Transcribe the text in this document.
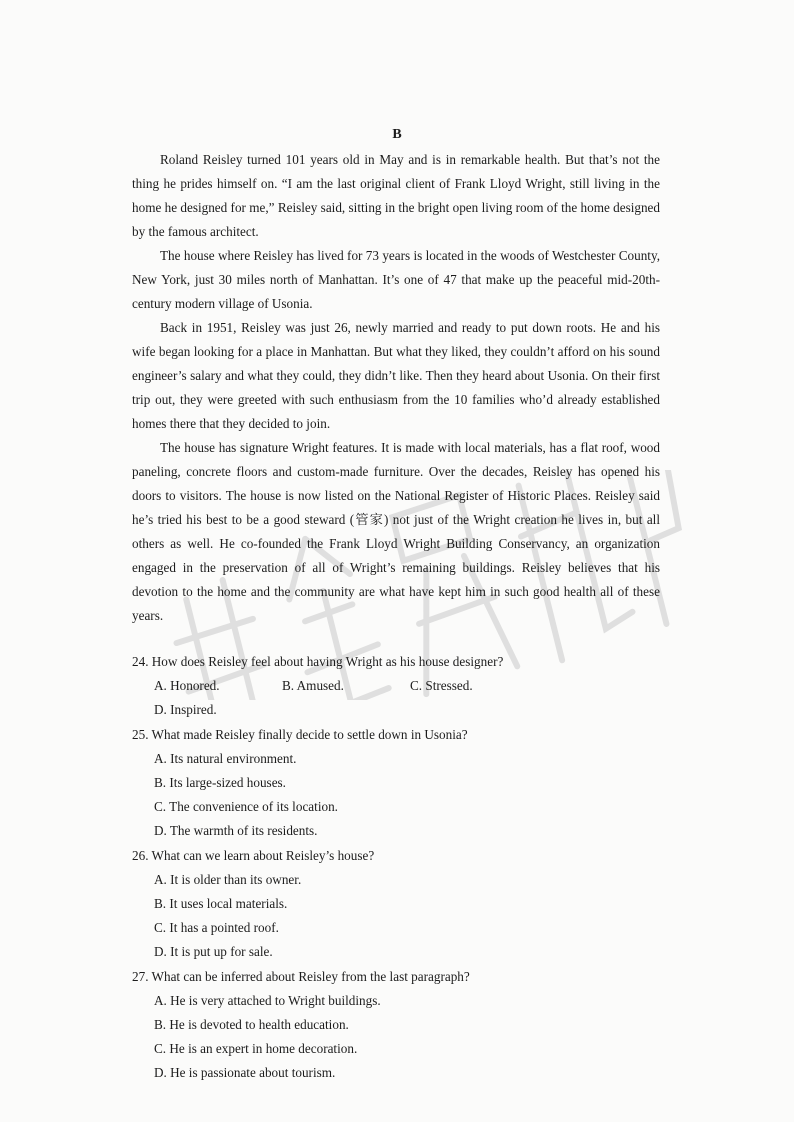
B

Roland Reisley turned 101 years old in May and is in remarkable health. But that’s not the thing he prides himself on. “I am the last original client of Frank Lloyd Wright, still living in the home he designed for me,” Reisley said, sitting in the bright open living room of the home designed by the famous architect.

The house where Reisley has lived for 73 years is located in the woods of Westchester County, New York, just 30 miles north of Manhattan. It’s one of 47 that make up the peaceful mid-20th-century modern village of Usonia.

Back in 1951, Reisley was just 26, newly married and ready to put down roots. He and his wife began looking for a place in Manhattan. But what they liked, they couldn’t afford on his sound engineer’s salary and what they could, they didn’t like. Then they heard about Usonia. On their first trip out, they were greeted with such enthusiasm from the 10 families who’d already established homes there that they decided to join.

The house has signature Wright features. It is made with local materials, has a flat roof, wood paneling, concrete floors and custom-made furniture. Over the decades, Reisley has opened his doors to visitors. The house is now listed on the National Register of Historic Places. Reisley said he’s tried his best to be a good steward (管家) not just of the Wright creation he lives in, but all others as well. He co-founded the Frank Lloyd Wright Building Conservancy, an organization engaged in the preservation of all of Wright’s remaining buildings. Reisley believes that his devotion to the home and the community are what have kept him in such good health all of these years.

24. How does Reisley feel about having Wright as his house designer?

A. Honored.	B. Amused.	C. Stressed.
D. Inspired.

25. What made Reisley finally decide to settle down in Usonia?

A. Its natural environment.
B. Its large-sized houses.
C. The convenience of its location.
D. The warmth of its residents.

26. What can we learn about Reisley’s house?

A. It is older than its owner.
B. It uses local materials.
C. It has a pointed roof.
D. It is put up for sale.

27. What can be inferred about Reisley from the last paragraph?

A. He is very attached to Wright buildings.
B. He is devoted to health education.
C. He is an expert in home decoration.
D. He is passionate about tourism.
